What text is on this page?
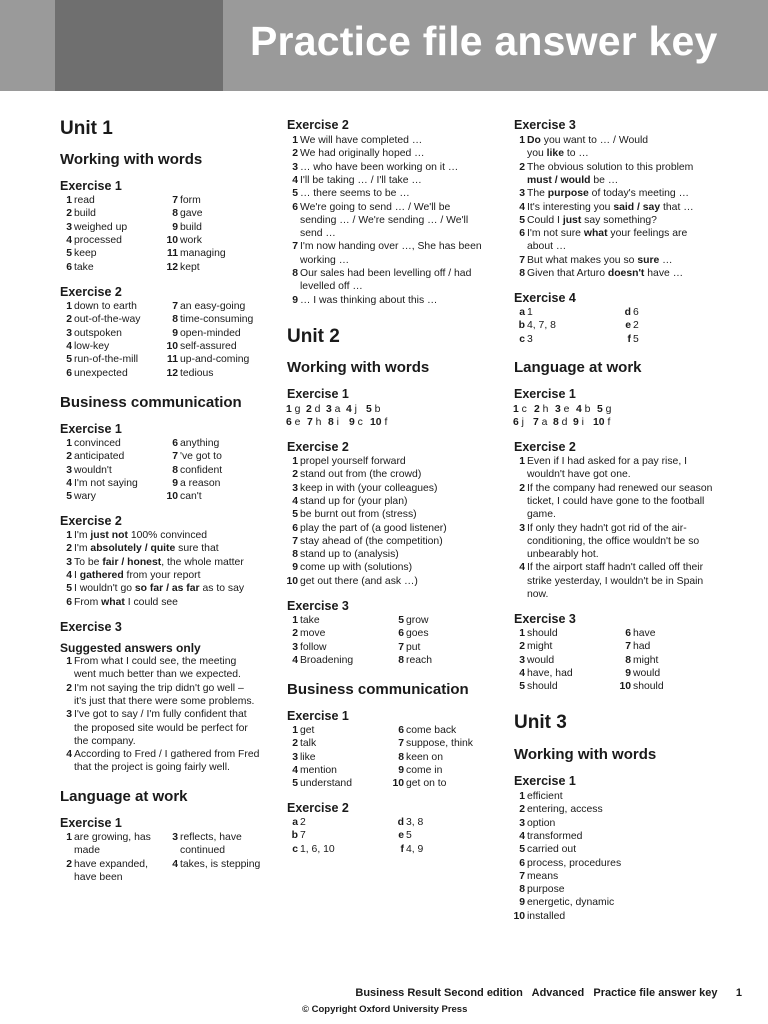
Practice file answer key
Unit 1
Working with words
Exercise 1
1 read
2 build
3 weighed up
4 processed
5 keep
6 take
7 form
8 gave
9 build
10 work
11 managing
12 kept
Exercise 2
1 down to earth
2 out-of-the-way
3 outspoken
4 low-key
5 run-of-the-mill
6 unexpected
7 an easy-going
8 time-consuming
9 open-minded
10 self-assured
11 up-and-coming
12 tedious
Business communication
Exercise 1
1 convinced
2 anticipated
3 wouldn't
4 I'm not saying
5 wary
6 anything
7 've got to
8 confident
9 a reason
10 can't
Exercise 2
1 I'm just not 100% convinced
2 I'm absolutely / quite sure that
3 To be fair / honest, the whole matter
4 I gathered from your report
5 I wouldn't go so far / as far as to say
6 From what I could see
Exercise 3
Suggested answers only
1 From what I could see, the meeting
went much better than we expected.
2 I'm not saying the trip didn't go well –
it's just that there were some problems.
3 I've got to say / I'm fully confident that
the proposed site would be perfect for
the company.
4 According to Fred / I gathered from Fred
that the project is going fairly well.
Language at work
Exercise 1
1 are growing, has
made
2 have expanded,
have been
3 reflects, have
continued
4 takes, is stepping
Exercise 2
1 We will have completed …
2 We had originally hoped …
3 … who have been working on it …
4 I'll be taking … / I'll take …
5 … there seems to be …
6 We're going to send … / We'll be
sending … / We're sending … / We'll
send …
7 I'm now handing over …, She has been
working …
8 Our sales had been levelling off / had
levelled off …
9 … I was thinking about this …
Unit 2
Working with words
Exercise 1
1 g 2 d 3 a 4 j 5 b
6 e 7 h 8 i 9 c 10 f
Exercise 2
1 propel yourself forward
2 stand out from (the crowd)
3 keep in with (your colleagues)
4 stand up for (your plan)
5 be burnt out from (stress)
6 play the part of (a good listener)
7 stay ahead of (the competition)
8 stand up to (analysis)
9 come up with (solutions)
10 get out there (and ask …)
Exercise 3
1 take
2 move
3 follow
4 Broadening
5 grow
6 goes
7 put
8 reach
Business communication
Exercise 1
1 get
2 talk
3 like
4 mention
5 understand
6 come back
7 suppose, think
8 keen on
9 come in
10 get on to
Exercise 2
a 2
b 7
c 1, 6, 10
d 3, 8
e 5
f 4, 9
Exercise 3
1 Do you want to … / Would
you like to …
2 The obvious solution to this problem
must / would be …
3 The purpose of today's meeting …
4 It's interesting you said / say that …
5 Could I just say something?
6 I'm not sure what your feelings are
about …
7 But what makes you so sure …
8 Given that Arturo doesn't have …
Exercise 4
a 1
b 4, 7, 8
c 3
d 6
e 2
f 5
Language at work
Exercise 1
1 c 2 h 3 e 4 b 5 g
6 j 7 a 8 d 9 i 10 f
Exercise 2
1 Even if I had asked for a pay rise, I
wouldn't have got one.
2 If the company had renewed our season
ticket, I could have gone to the football
game.
3 If only they hadn't got rid of the air-
conditioning, the office wouldn't be so
unbearably hot.
4 If the airport staff hadn't called off their
strike yesterday, I wouldn't be in Spain
now.
Exercise 3
1 should
2 might
3 would
4 have, had
5 should
6 have
7 had
8 might
9 would
10 should
Unit 3
Working with words
Exercise 1
1 efficient
2 entering, access
3 option
4 transformed
5 carried out
6 process, procedures
7 means
8 purpose
9 energetic, dynamic
10 installed
Business Result Second edition Advanced Practice file answer key 1
© Copyright Oxford University Press
